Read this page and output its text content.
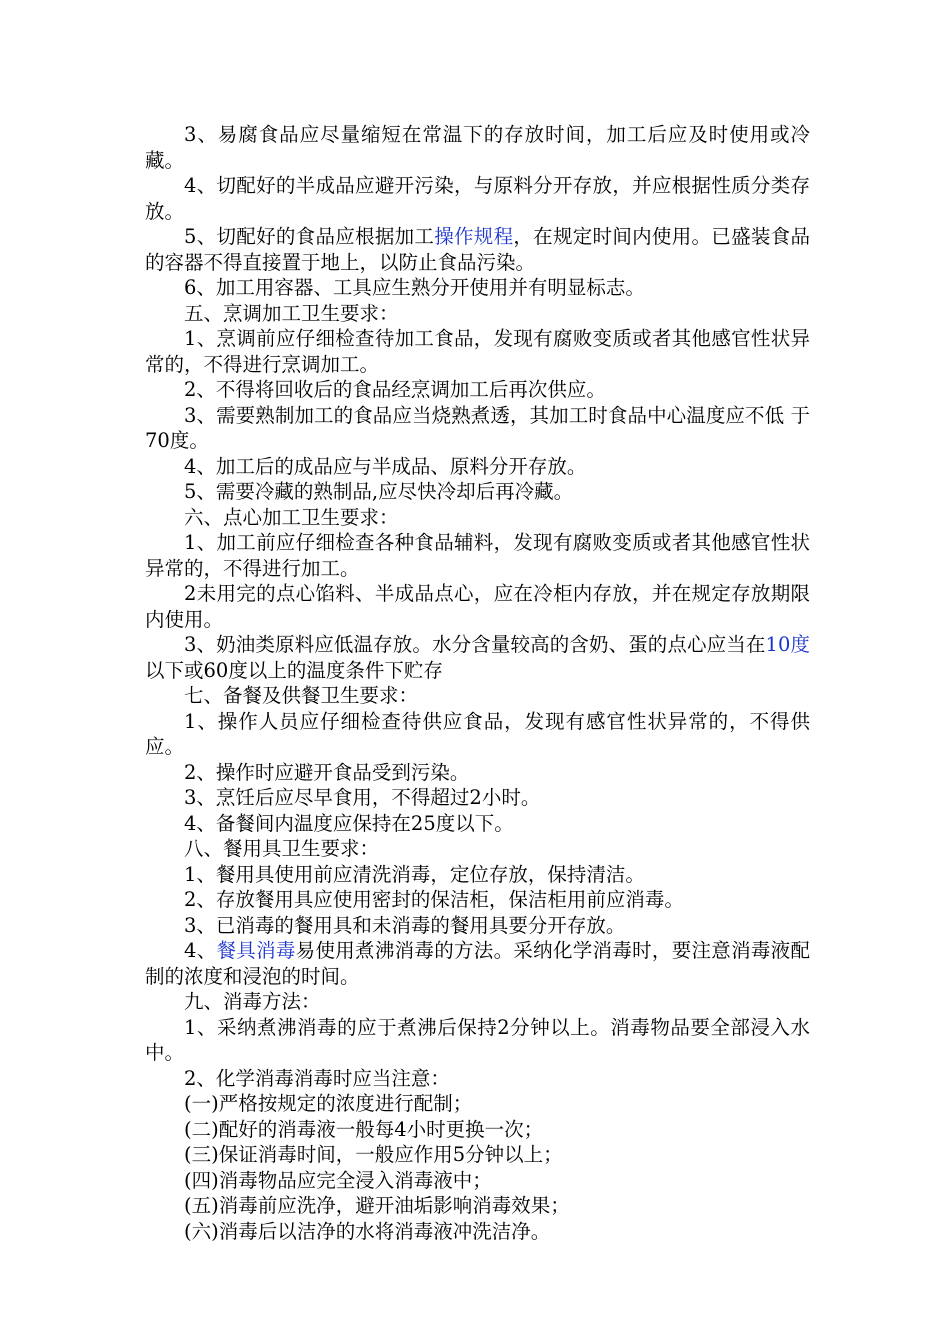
3、易腐食品应尽量缩短在常温下的存放时间，加工后应及时使用或冷藏。

4、切配好的半成品应避开污染，与原料分开存放，并应根据性质分类存放。

5、切配好的食品应根据加工操作规程，在规定时间内使用。已盛装食品的容器不得直接置于地上，以防止食品污染。

6、加工用容器、工具应生熟分开使用并有明显标志。

五、烹调加工卫生要求：

1、烹调前应仔细检查待加工食品，发现有腐败变质或者其他感官性状异常的，不得进行烹调加工。

2、不得将回收后的食品经烹调加工后再次供应。

3、需要熟制加工的食品应当烧熟煮透，其加工时食品中心温度应不低 于70度。

4、加工后的成品应与半成品、原料分开存放。

5、需要冷藏的熟制品,应尽快冷却后再冷藏。

六、点心加工卫生要求：

1、加工前应仔细检查各种食品辅料，发现有腐败变质或者其他感官性状异常的，不得进行加工。

2未用完的点心馅料、半成品点心，应在冷柜内存放，并在规定存放期限内使用。

3、奶油类原料应低温存放。水分含量较高的含奶、蛋的点心应当在10度以下或60度以上的温度条件下贮存

七、备餐及供餐卫生要求：

1、操作人员应仔细检查待供应食品，发现有感官性状异常的，不得供应。

2、操作时应避开食品受到污染。

3、烹饪后应尽早食用，不得超过2小时。

4、备餐间内温度应保持在25度以下。

八、餐用具卫生要求：

1、餐用具使用前应清洗消毒，定位存放，保持清洁。

2、存放餐用具应使用密封的保洁柜，保洁柜用前应消毒。

3、已消毒的餐用具和未消毒的餐用具要分开存放。

4、餐具消毒易使用煮沸消毒的方法。采纳化学消毒时，要注意消毒液配制的浓度和浸泡的时间。

九、消毒方法：

1、采纳煮沸消毒的应于煮沸后保持2分钟以上。消毒物品要全部浸入水中。

2、化学消毒消毒时应当注意：

(一)严格按规定的浓度进行配制；

(二)配好的消毒液一般每4小时更换一次；

(三)保证消毒时间，一般应作用5分钟以上；

(四)消毒物品应完全浸入消毒液中；

(五)消毒前应洗净，避开油垢影响消毒效果；

(六)消毒后以洁净的水将消毒液冲洗洁净。
